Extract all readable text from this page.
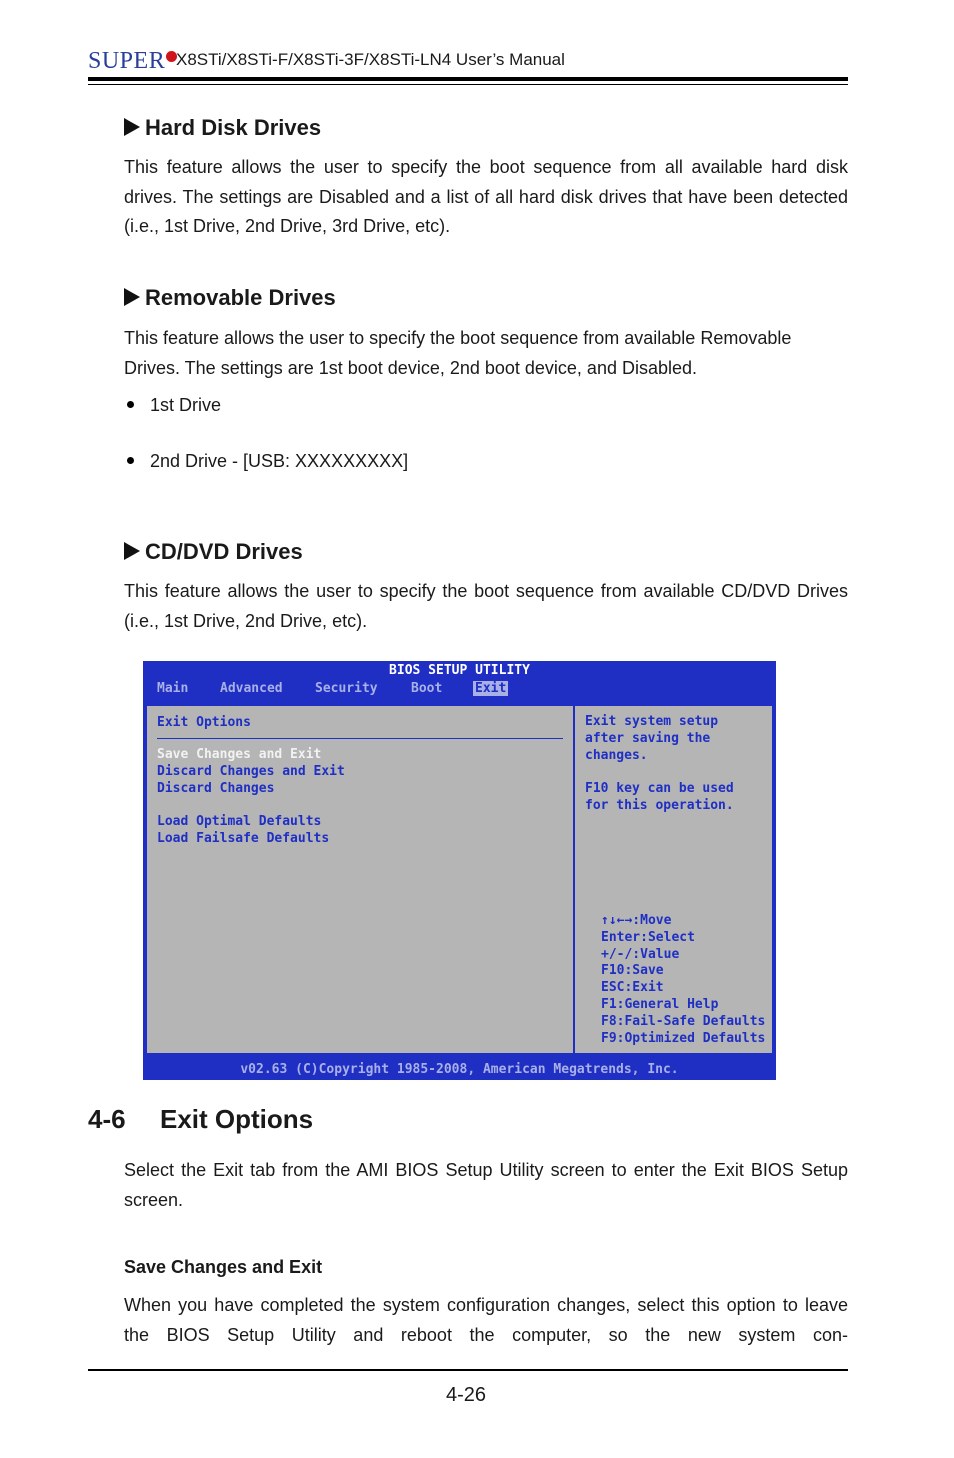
SUPER X8STi/X8STi-F/X8STi-3F/X8STi-LN4 User’s Manual
Hard Disk Drives
This feature allows the user to specify the boot sequence from all available hard disk drives. The settings are Disabled and a list of all hard disk drives that have been detected (i.e., 1st Drive, 2nd Drive, 3rd Drive, etc).
Removable Drives
This feature allows the user to specify the boot sequence from available Removable Drives. The settings are 1st boot device, 2nd boot device, and Disabled.
1st Drive
2nd Drive - [USB: XXXXXXXXX]
CD/DVD Drives
This feature allows the user to specify the boot sequence from available CD/DVD Drives (i.e., 1st Drive, 2nd Drive, etc).
BIOS SETUP UTILITY
Main Advanced Security	Boot	Exit
Exit Options
Save Changes and Exit
Discard Changes and Exit
Discard Changes
Load Optimal Defaults
Load Failsafe Defaults
Exit system setup
after saving the
changes.
F10 key can be used
for this operation.
↑↓←→:Move
Enter:Select
+/-/:Value
F10:Save
ESC:Exit
F1:General Help
F8:Fail-Safe Defaults
F9:Optimized Defaults
v02.63 (C)Copyright 1985-2008, American Megatrends, Inc.
4-6 Exit Options
Select the Exit tab from the AMI BIOS Setup Utility screen to enter the Exit BIOS Setup screen.
Save Changes and Exit
When you have completed the system configuration changes, select this option to leave the BIOS Setup Utility and reboot the computer, so the new system con-
4-26
